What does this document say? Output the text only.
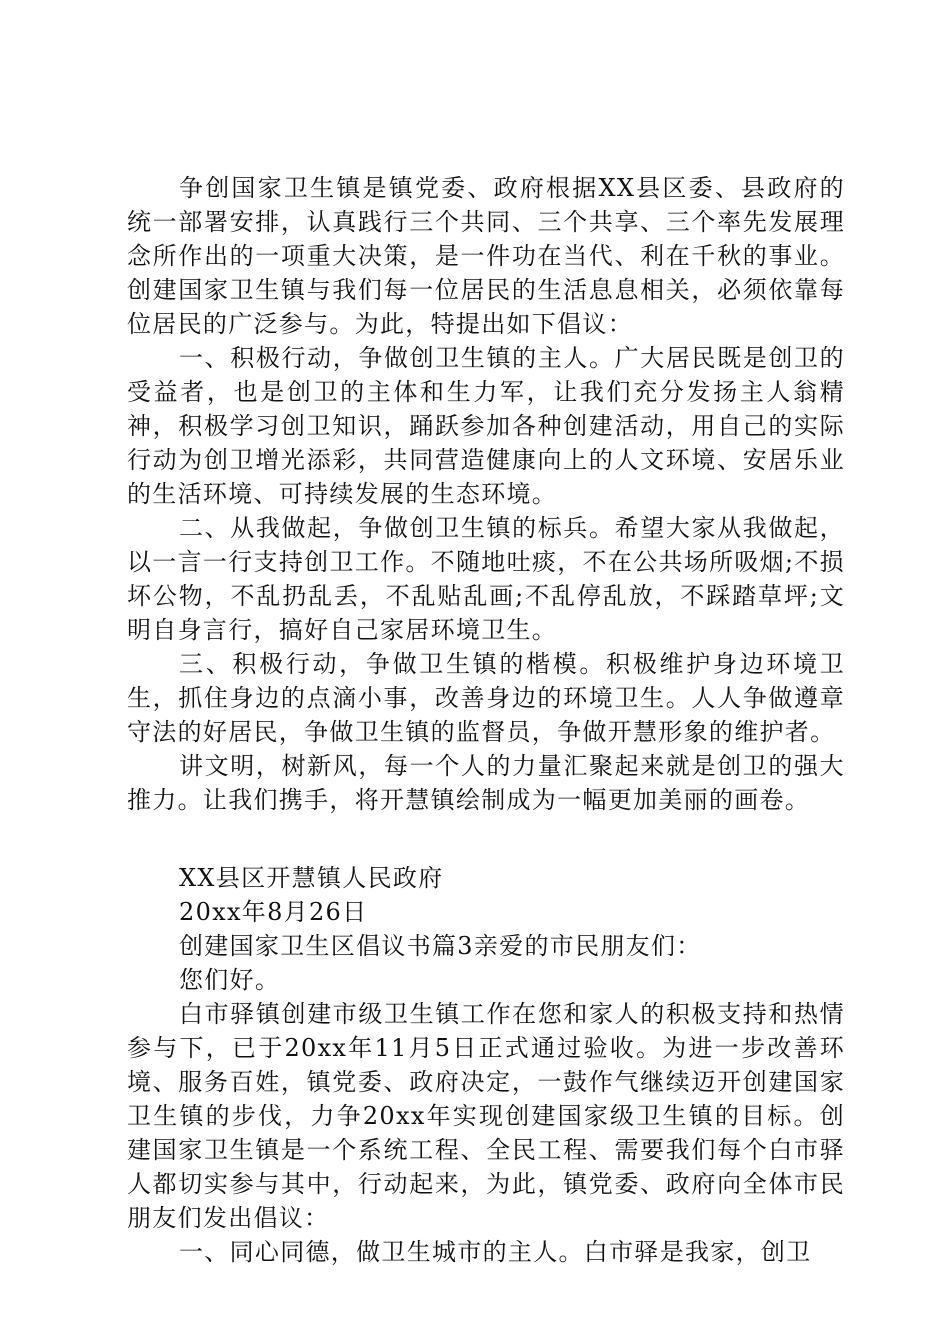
争创国家卫生镇是镇党委、政府根据XX县区委、县政府的统一部署安排，认真践行三个共同、三个共享、三个率先发展理念所作出的一项重大决策，是一件功在当代、利在千秋的事业。创建国家卫生镇与我们每一位居民的生活息息相关，必须依靠每位居民的广泛参与。为此，特提出如下倡议：

一、积极行动，争做创卫生镇的主人。广大居民既是创卫的受益者，也是创卫的主体和生力军，让我们充分发扬主人翁精神，积极学习创卫知识，踊跃参加各种创建活动，用自己的实际行动为创卫增光添彩，共同营造健康向上的人文环境、安居乐业的生活环境、可持续发展的生态环境。

二、从我做起，争做创卫生镇的标兵。希望大家从我做起，以一言一行支持创卫工作。不随地吐痰，不在公共场所吸烟;不损坏公物，不乱扔乱丢，不乱贴乱画;不乱停乱放，不踩踏草坪;文明自身言行，搞好自己家居环境卫生。

三、积极行动，争做卫生镇的楷模。积极维护身边环境卫生，抓住身边的点滴小事，改善身边的环境卫生。人人争做遵章守法的好居民，争做卫生镇的监督员，争做开慧形象的维护者。

讲文明，树新风，每一个人的力量汇聚起来就是创卫的强大推力。让我们携手，将开慧镇绘制成为一幅更加美丽的画卷。

XX县区开慧镇人民政府

20xx年8月26日

创建国家卫生区倡议书篇3亲爱的市民朋友们：

您们好。

白市驿镇创建市级卫生镇工作在您和家人的积极支持和热情参与下，已于20xx年11月5日正式通过验收。为进一步改善环境、服务百姓，镇党委、政府决定，一鼓作气继续迈开创建国家卫生镇的步伐，力争20xx年实现创建国家级卫生镇的目标。创建国家卫生镇是一个系统工程、全民工程、需要我们每个白市驿人都切实参与其中，行动起来，为此，镇党委、政府向全体市民朋友们发出倡议：

一、同心同德，做卫生城市的主人。白市驿是我家，创卫
